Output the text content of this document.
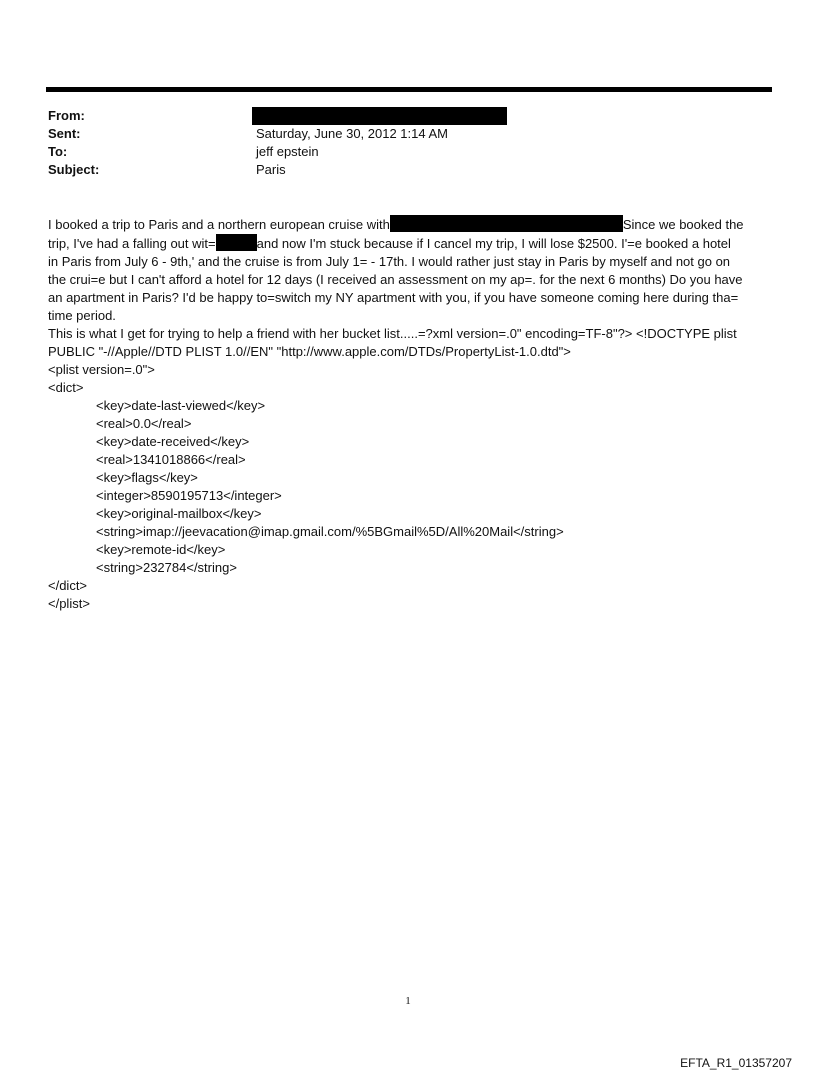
From:
Sent:	Saturday, June 30, 2012 1:14 AM
To:	jeff epstein
Subject:	Paris
I booked a trip to Paris and a northern european cruise with	Since we booked the
trip, I've had a falling out wit=	and now I'm stuck because if I cancel my trip, I will lose $2500. I'=e booked a hotel
in Paris from July 6 - 9th,' and the cruise is from July 1= - 17th. I would rather just stay in Paris by myself and not go on
the crui=e but I can't afford a hotel for 12 days (I received an assessment on my ap=. for the next 6 months) Do you have
an apartment in Paris? I'd be happy to=switch my NY apartment with you, if you have someone coming here during tha=
time period.
This is what I get for trying to help a friend with her bucket list.....=?xml version=.0" encoding=TF-8"?> <!DOCTYPE plist
PUBLIC "-//Apple//DTD PLIST 1.0//EN" "http://www.apple.com/DTDs/PropertyList-1.0.dtd">
<plist version=.0">
<dict>
<key>date-last-viewed</key>
<real>0.0</real>
<key>date-received</key>
<real>1341018866</real>
<key>flags</key>
<integer>8590195713</integer>
<key>original-mailbox</key>
<string>imap://jeevacation@imap.gmail.com/%5BGmail%5D/All%20Mail</string>
<key>remote-id</key>
<string>232784</string>
</dict>
</plist>
1
EFTA_R1_01357207
